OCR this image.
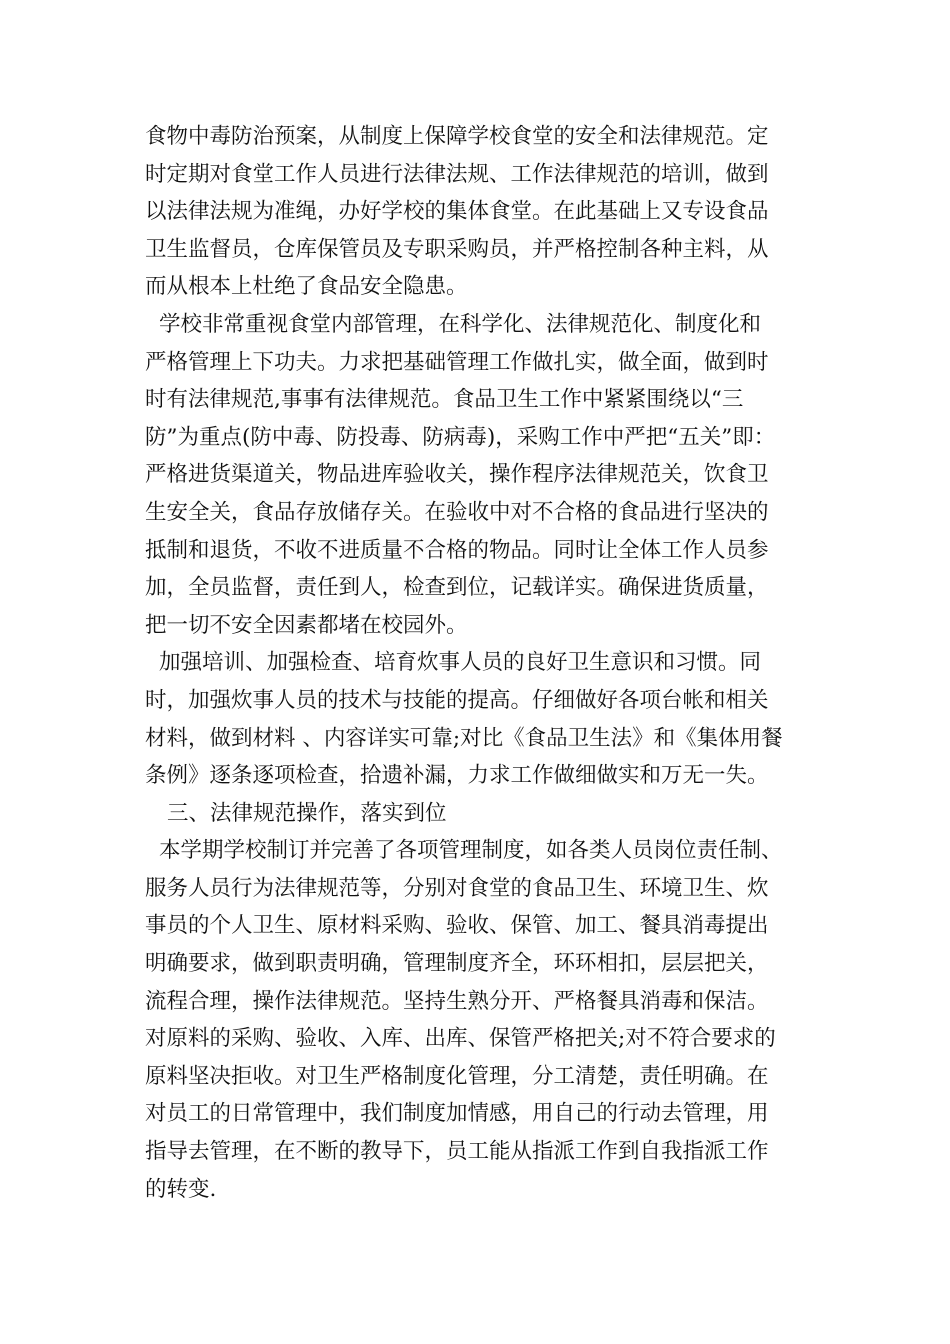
食物中毒防治预案，从制度上保障学校食堂的安全和法律规范。定
时定期对食堂工作人员进行法律法规、工作法律规范的培训，做到
以法律法规为准绳，办好学校的集体食堂。在此基础上又专设食品
卫生监督员，仓库保管员及专职采购员，并严格控制各种主料，从
而从根本上杜绝了食品安全隐患。
学校非常重视食堂内部管理，在科学化、法律规范化、制度化和
严格管理上下功夫。力求把基础管理工作做扎实，做全面，做到时
时有法律规范,事事有法律规范。食品卫生工作中紧紧围绕以“三
防”为重点(防中毒、防投毒、防病毒)，采购工作中严把“五关”即：
严格进货渠道关，物品进库验收关，操作程序法律规范关，饮食卫
生安全关，食品存放储存关。在验收中对不合格的食品进行坚决的
抵制和退货，不收不进质量不合格的物品。同时让全体工作人员参
加，全员监督，责任到人，检查到位，记载详实。确保进货质量，
把一切不安全因素都堵在校园外。
加强培训、加强检查、培育炊事人员的良好卫生意识和习惯。同
时，加强炊事人员的技术与技能的提高。仔细做好各项台帐和相关
材料，做到材料 、内容详实可靠;对比《食品卫生法》和《集体用餐
条例》逐条逐项检查，拾遗补漏，力求工作做细做实和万无一失。
三、法律规范操作，落实到位
本学期学校制订并完善了各项管理制度，如各类人员岗位责任制、
服务人员行为法律规范等，分别对食堂的食品卫生、环境卫生、炊
事员的个人卫生、原材料采购、验收、保管、加工、餐具消毒提出
明确要求，做到职责明确，管理制度齐全，环环相扣，层层把关，
流程合理，操作法律规范。坚持生熟分开、严格餐具消毒和保洁。
对原料的采购、验收、入库、出库、保管严格把关;对不符合要求的
原料坚决拒收。对卫生严格制度化管理，分工清楚，责任明确。在
对员工的日常管理中，我们制度加情感，用自己的行动去管理，用
指导去管理，在不断的教导下，员工能从指派工作到自我指派工作
的转变.
